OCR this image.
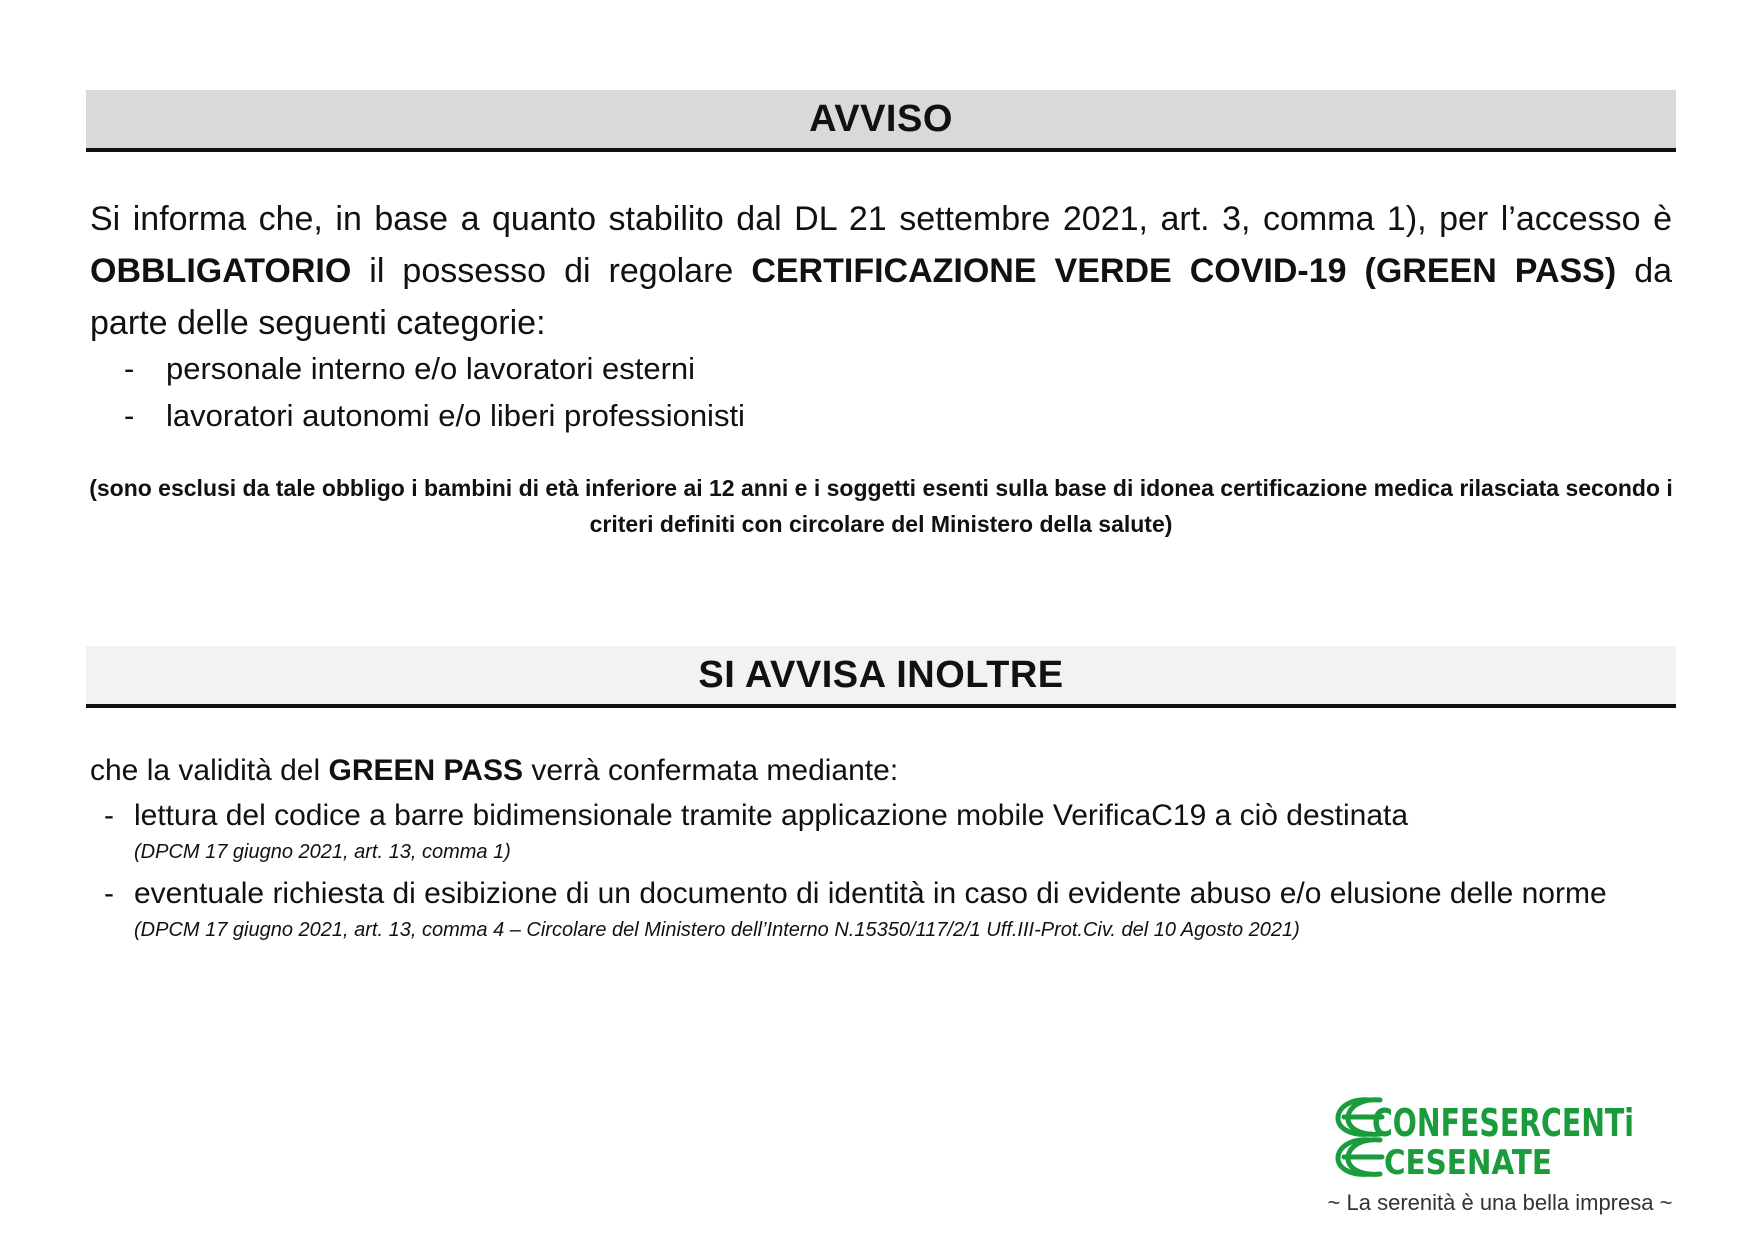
AVVISO
Si informa che, in base a quanto stabilito dal DL 21 settembre 2021, art. 3, comma 1), per l’accesso è OBBLIGATORIO il possesso di regolare CERTIFICAZIONE VERDE COVID-19 (GREEN PASS) da parte delle seguenti categorie:
-	personale interno e/o lavoratori esterni
-	lavoratori autonomi e/o liberi professionisti
(sono esclusi da tale obbligo i bambini di età inferiore ai 12 anni e i soggetti esenti sulla base di idonea certificazione medica rilasciata secondo i criteri definiti con circolare del Ministero della salute)
SI AVVISA INOLTRE
che la validità del GREEN PASS verrà confermata mediante:
- lettura del codice a barre bidimensionale tramite applicazione mobile VerificaC19 a ciò destinata
(DPCM 17 giugno 2021, art. 13, comma 1)
- eventuale richiesta di esibizione di un documento di identità in caso di evidente abuso e/o elusione delle norme
(DPCM 17 giugno 2021, art. 13, comma 4 – Circolare del Ministero dell’Interno N.15350/117/2/1 Uff.III-Prot.Civ. del 10 Agosto 2021)
CONFESERCENTi
CESENATE
~ La serenità è una bella impresa ~
